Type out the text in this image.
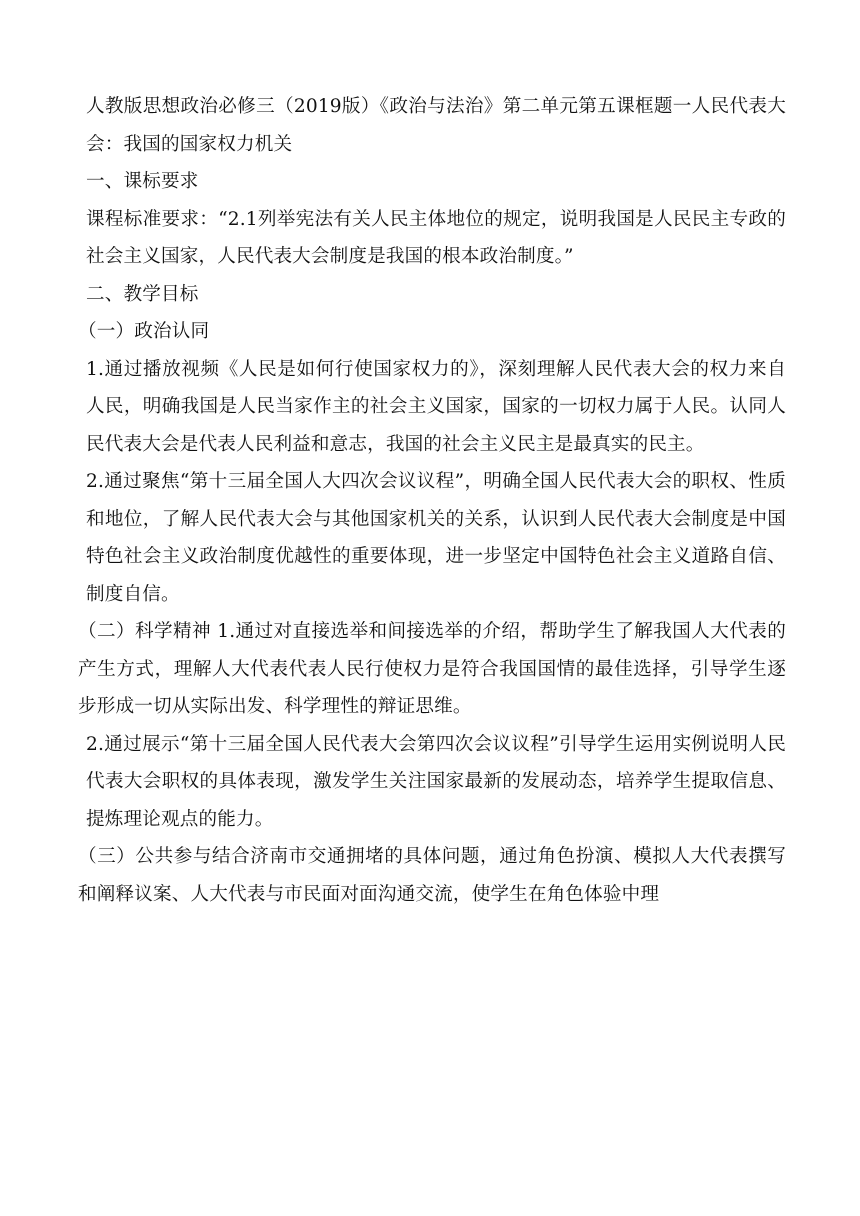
人教版思想政治必修三（2019版）《政治与法治》第二单元第五课框题一人民代表大会：我国的国家权力机关

一、课标要求

课程标准要求：“2.1列举宪法有关人民主体地位的规定，说明我国是人民民主专政的社会主义国家，人民代表大会制度是我国的根本政治制度。”

二、教学目标

（一）政治认同

1.通过播放视频《人民是如何行使国家权力的》，深刻理解人民代表大会的权力来自人民，明确我国是人民当家作主的社会主义国家，国家的一切权力属于人民。认同人民代表大会是代表人民利益和意志，我国的社会主义民主是最真实的民主。

2.通过聚焦“第十三届全国人大四次会议议程”，明确全国人民代表大会的职权、性质和地位，了解人民代表大会与其他国家机关的关系，认识到人民代表大会制度是中国特色社会主义政治制度优越性的重要体现，进一步坚定中国特色社会主义道路自信、制度自信。

（二）科学精神 1.通过对直接选举和间接选举的介绍，帮助学生了解我国人大代表的产生方式，理解人大代表代表人民行使权力是符合我国国情的最佳选择，引导学生逐步形成一切从实际出发、科学理性的辩证思维。

2.通过展示“第十三届全国人民代表大会第四次会议议程”引导学生运用实例说明人民代表大会职权的具体表现，激发学生关注国家最新的发展动态，培养学生提取信息、提炼理论观点的能力。

（三）公共参与结合济南市交通拥堵的具体问题，通过角色扮演、模拟人大代表撰写和阐释议案、人大代表与市民面对面沟通交流，使学生在角色体验中理
